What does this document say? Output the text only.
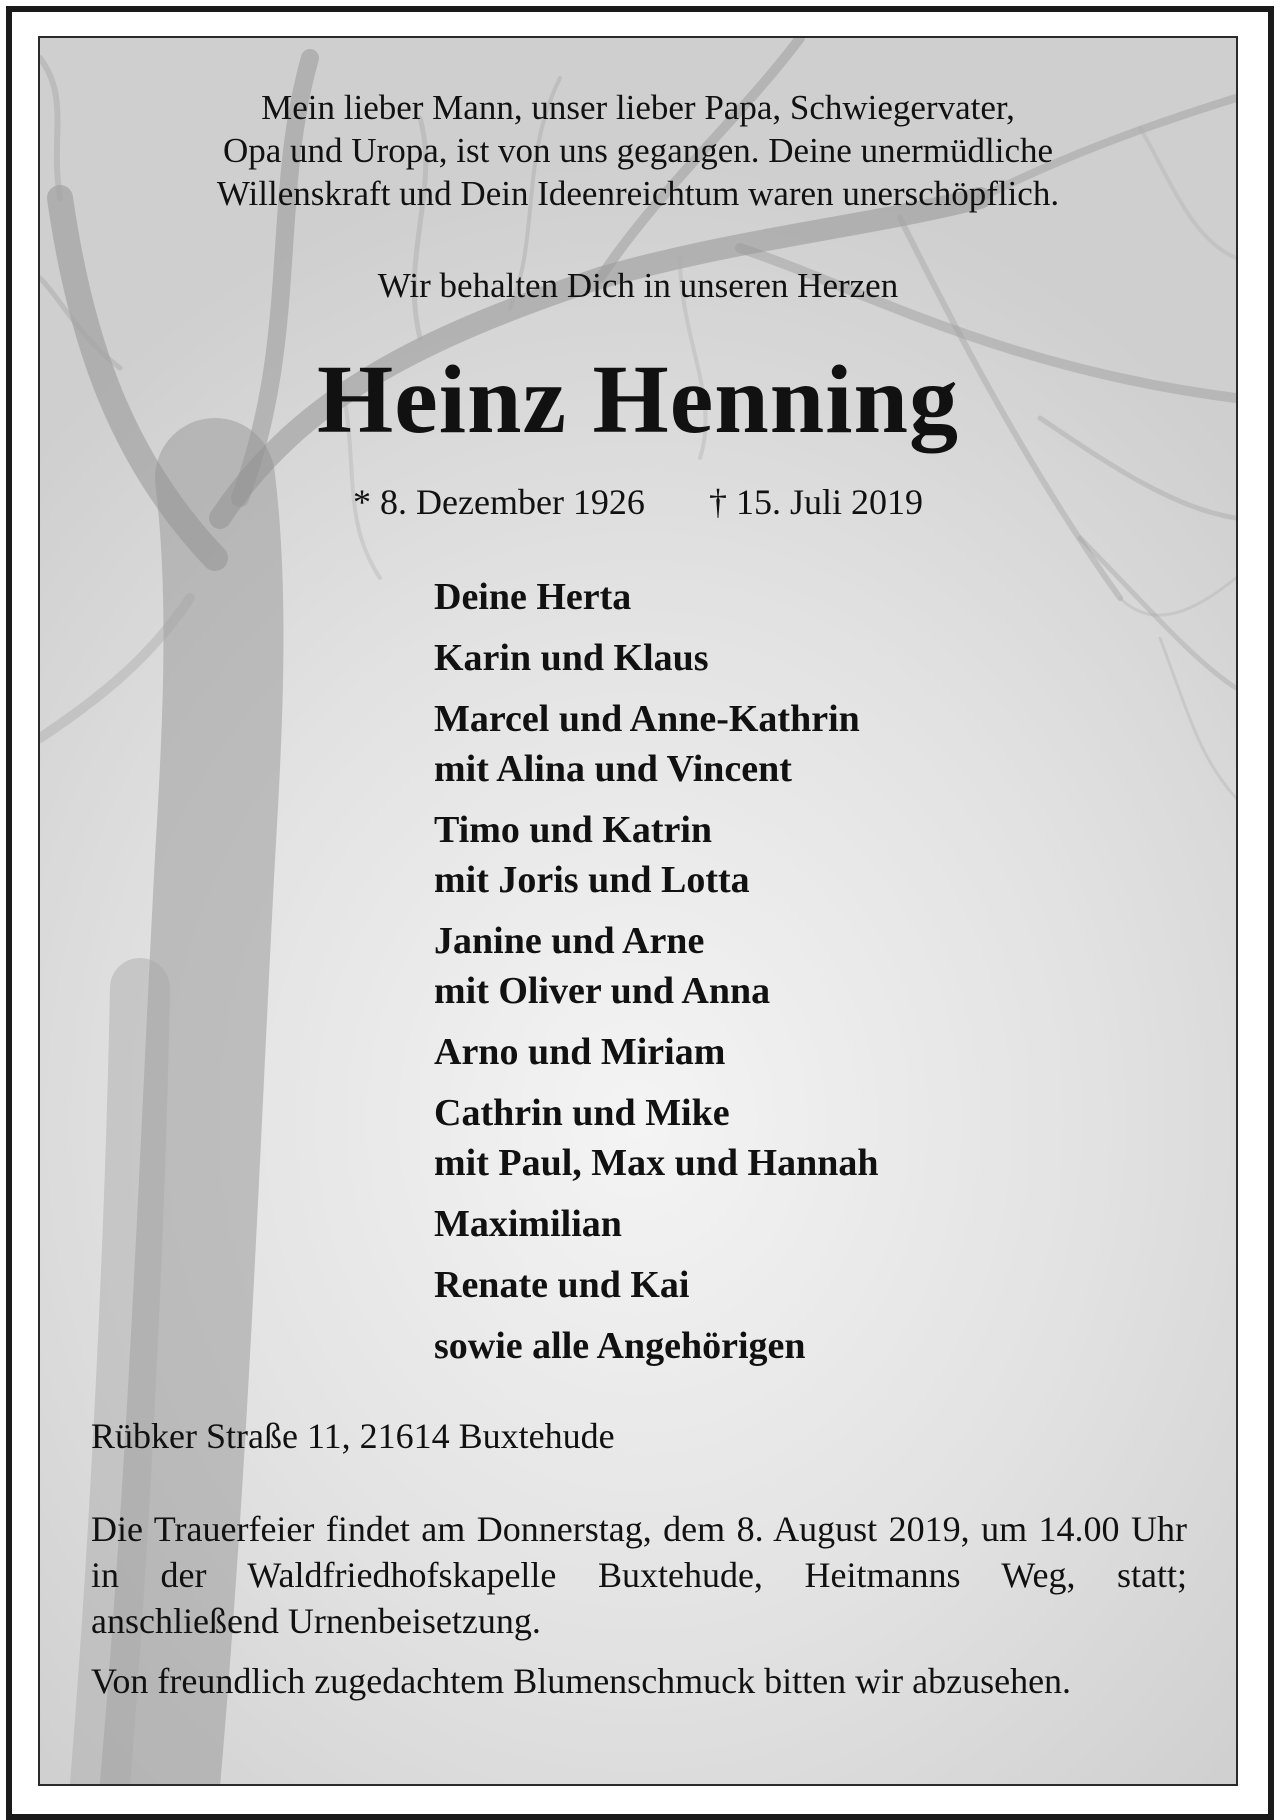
Mein lieber Mann, unser lieber Papa, Schwiegervater,
Opa und Uropa, ist von uns gegangen. Deine unermüdliche
Willenskraft und Dein Ideenreichtum waren unerschöpflich.
Wir behalten Dich in unseren Herzen
Heinz Henning
* 8. Dezember 1926 † 15. Juli 2019
Deine Herta
Karin und Klaus
Marcel und Anne-Kathrin
mit Alina und Vincent
Timo und Katrin
mit Joris und Lotta
Janine und Arne
mit Oliver und Anna
Arno und Miriam
Cathrin und Mike
mit Paul, Max und Hannah
Maximilian
Renate und Kai
sowie alle Angehörigen
Rübker Straße 11, 21614 Buxtehude
Die Trauerfeier findet am Donnerstag, dem 8. August 2019, um 14.00 Uhr in der Waldfriedhofskapelle Buxtehude, Heitmanns Weg, statt; anschließend Urnenbeisetzung.
Von freundlich zugedachtem Blumenschmuck bitten wir abzusehen.
